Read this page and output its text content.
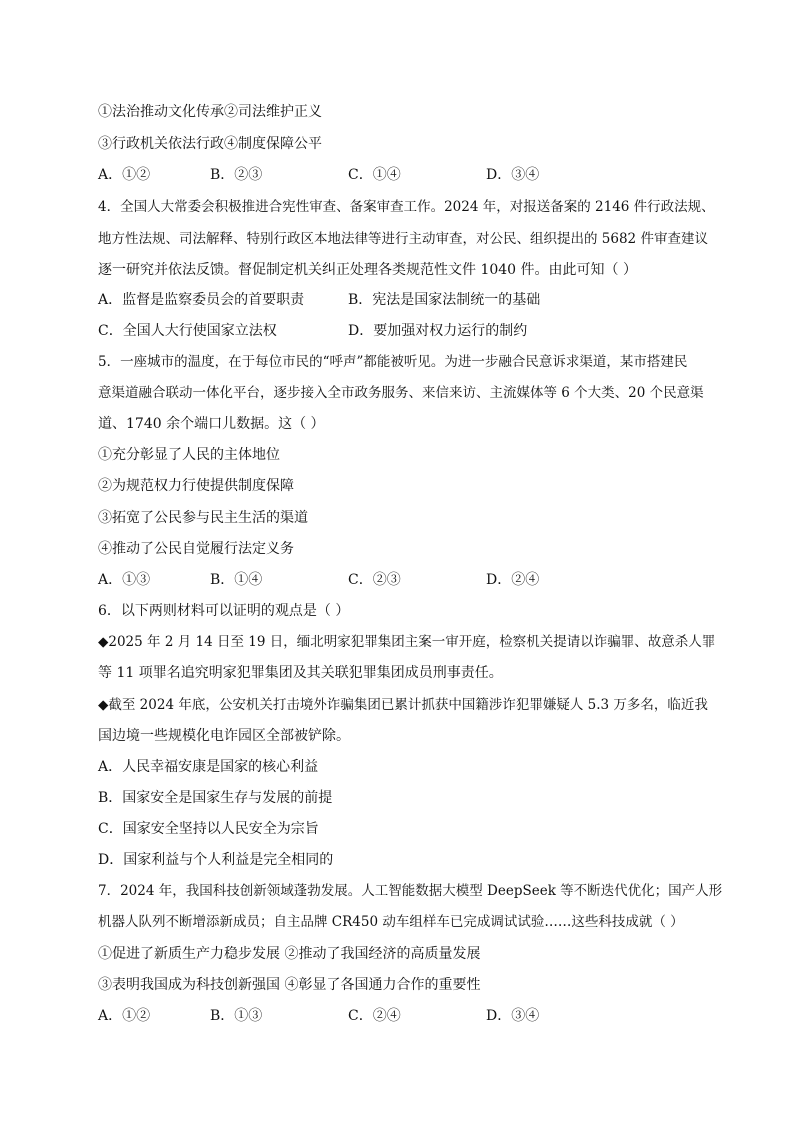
①法治推动文化传承②司法维护正义
③行政机关依法行政④制度保障公平
A．①②	B．②③	C．①④	D．③④
4．全国人大常委会积极推进合宪性审查、备案审查工作。2024 年，对报送备案的 2146 件行政法规、
地方性法规、司法解释、特别行政区本地法律等进行主动审查，对公民、组织提出的 5682 件审查建议
逐一研究并依法反馈。督促制定机关纠正处理各类规范性文件 1040 件。由此可知（ ）
A．监督是监察委员会的首要职责	B．宪法是国家法制统一的基础
C．全国人大行使国家立法权	D．要加强对权力运行的制约
5．一座城市的温度，在于每位市民的“呼声”都能被听见。为进一步融合民意诉求渠道，某市搭建民
意渠道融合联动一体化平台，逐步接入全市政务服务、来信来访、主流媒体等 6 个大类、20 个民意渠
道、1740 余个端口儿数据。这（ ）
①充分彰显了人民的主体地位
②为规范权力行使提供制度保障
③拓宽了公民参与民主生活的渠道
④推动了公民自觉履行法定义务
A．①③	B．①④	C．②③	D．②④
6．以下两则材料可以证明的观点是（ ）
◆2025 年 2 月 14 日至 19 日，缅北明家犯罪集团主案一审开庭，检察机关提请以诈骗罪、故意杀人罪
等 11 项罪名追究明家犯罪集团及其关联犯罪集团成员刑事责任。
◆截至 2024 年底，公安机关打击境外诈骗集团已累计抓获中国籍涉诈犯罪嫌疑人 5.3 万多名，临近我
国边境一些规模化电诈园区全部被铲除。
A．人民幸福安康是国家的核心利益
B．国家安全是国家生存与发展的前提
C．国家安全坚持以人民安全为宗旨
D．国家利益与个人利益是完全相同的
7．2024 年，我国科技创新领域蓬勃发展。人工智能数据大模型 DeepSeek 等不断迭代优化；国产人形
机器人队列不断增添新成员；自主品牌 CR450 动车组样车已完成调试试验……这些科技成就（ ）
①促进了新质生产力稳步发展 ②推动了我国经济的高质量发展
③表明我国成为科技创新强国 ④彰显了各国通力合作的重要性
A．①②	B．①③	C．②④	D．③④
